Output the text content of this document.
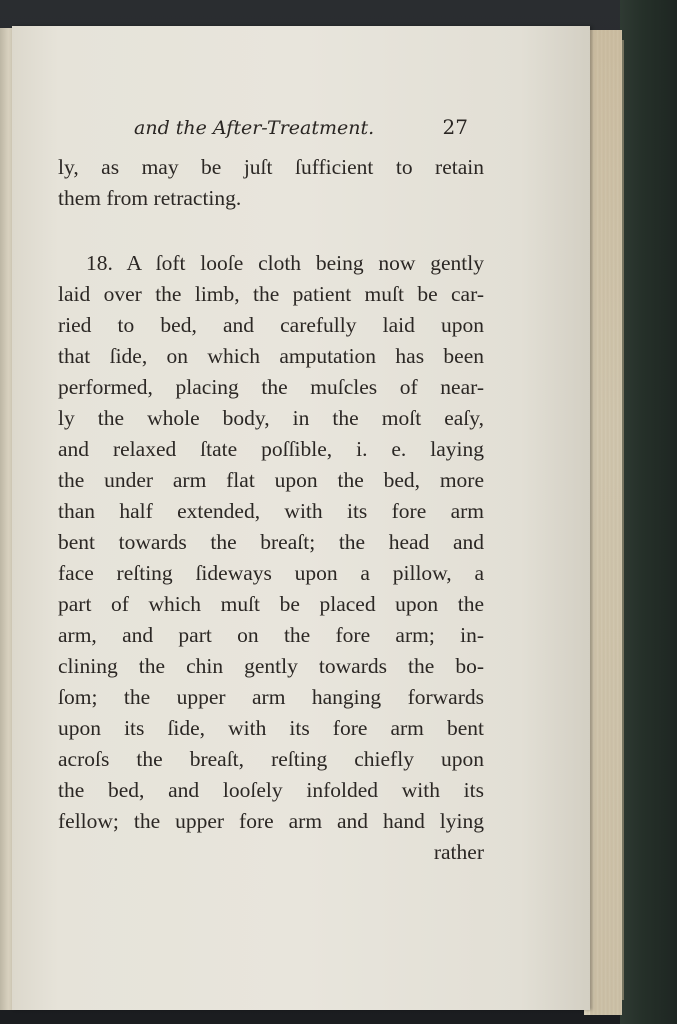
and the After-Treatment.	27
ly, as may be juſt ſufficient to retain
them from retracting.
18. A ſoft looſe cloth being now gently
laid over the limb, the patient muſt be car-
ried to bed, and carefully laid upon
that ſide, on which amputation has been
performed, placing the muſcles of near-
ly the whole body, in the moſt eaſy,
and relaxed ſtate poſſible, i. e. laying
the under arm flat upon the bed, more
than half extended, with its fore arm
bent towards the breaſt; the head and
face reſting ſideways upon a pillow, a
part of which muſt be placed upon the
arm, and part on the fore arm; in-
clining the chin gently towards the bo-
ſom; the upper arm hanging forwards
upon its ſide, with its fore arm bent
acroſs the breaſt, reſting chiefly upon
the bed, and looſely infolded with its
fellow; the upper fore arm and hand lying
rather
